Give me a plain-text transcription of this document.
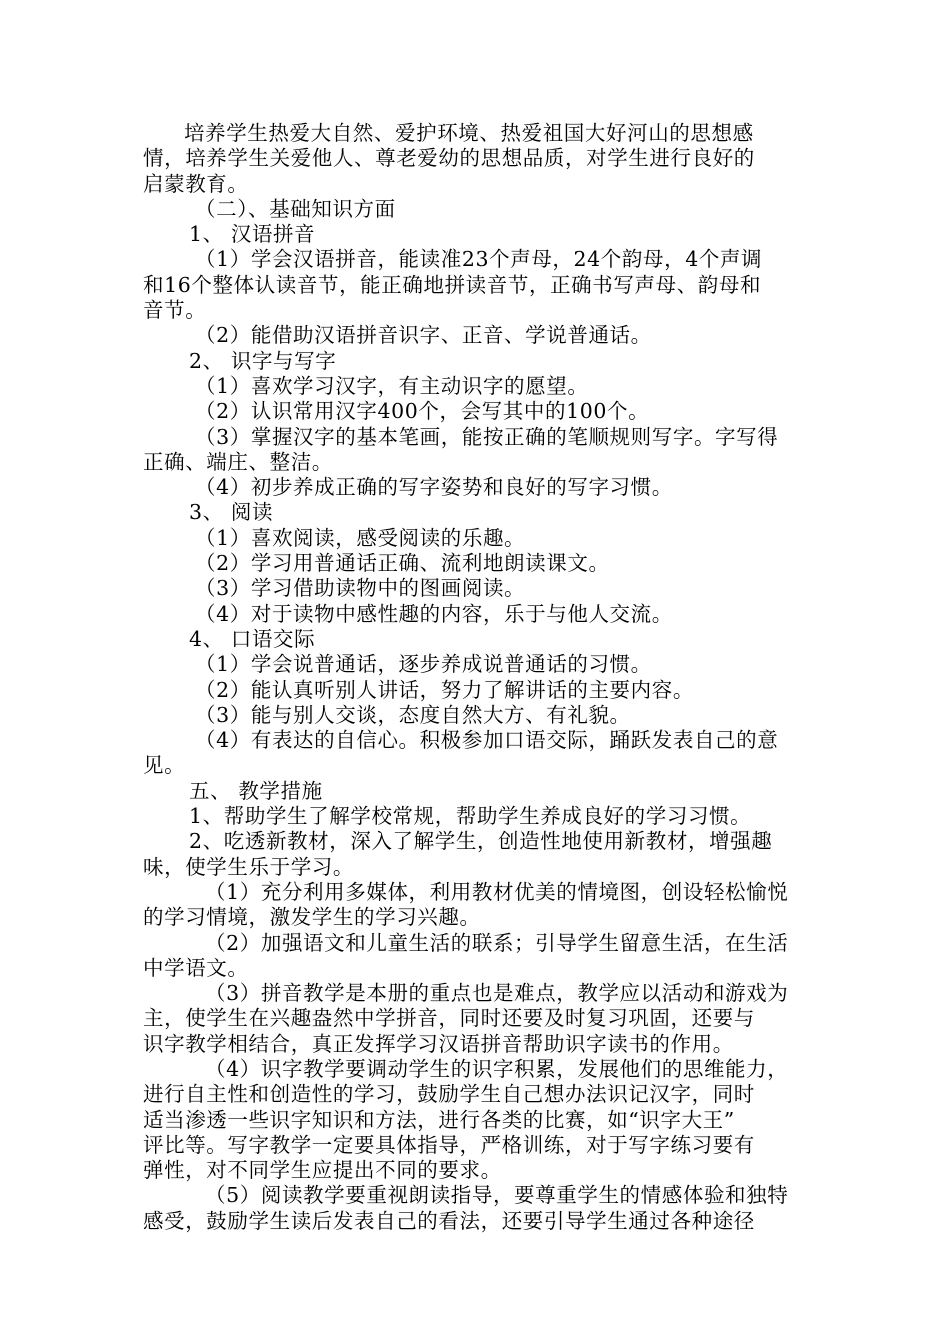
培养学生热爱大自然、爱护环境、热爱祖国大好河山的思想感
情，培养学生关爱他人、尊老爱幼的思想品质，对学生进行良好的
启蒙教育。
（二）、基础知识方面
1、 汉语拼音
（1）学会汉语拼音，能读准23个声母，24个韵母，4个声调
和16个整体认读音节，能正确地拼读音节，正确书写声母、韵母和
音节。
（2）能借助汉语拼音识字、正音、学说普通话。
2、 识字与写字
（1）喜欢学习汉字，有主动识字的愿望。
（2）认识常用汉字400个，会写其中的100个。
（3）掌握汉字的基本笔画，能按正确的笔顺规则写字。字写得
正确、端庄、整洁。
（4）初步养成正确的写字姿势和良好的写字习惯。
3、 阅读
（1）喜欢阅读，感受阅读的乐趣。
（2）学习用普通话正确、流利地朗读课文。
（3）学习借助读物中的图画阅读。
（4）对于读物中感性趣的内容，乐于与他人交流。
4、 口语交际
（1）学会说普通话，逐步养成说普通话的习惯。
（2）能认真听别人讲话，努力了解讲话的主要内容。
（3）能与别人交谈，态度自然大方、有礼貌。
（4）有表达的自信心。积极参加口语交际，踊跃发表自己的意
见。
五、 教学措施
1、帮助学生了解学校常规，帮助学生养成良好的学习习惯。
2、吃透新教材，深入了解学生，创造性地使用新教材，增强趣
味，使学生乐于学习。
（1）充分利用多媒体，利用教材优美的情境图，创设轻松愉悦
的学习情境，激发学生的学习兴趣。
（2）加强语文和儿童生活的联系；引导学生留意生活，在生活
中学语文。
（3）拼音教学是本册的重点也是难点，教学应以活动和游戏为
主，使学生在兴趣盎然中学拼音，同时还要及时复习巩固，还要与
识字教学相结合，真正发挥学习汉语拼音帮助识字读书的作用。
（4）识字教学要调动学生的识字积累，发展他们的思维能力，
进行自主性和创造性的学习，鼓励学生自己想办法识记汉字，同时
适当渗透一些识字知识和方法，进行各类的比赛，如“识字大王”
评比等。写字教学一定要具体指导，严格训练，对于写字练习要有
弹性，对不同学生应提出不同的要求。
（5）阅读教学要重视朗读指导，要尊重学生的情感体验和独特
感受，鼓励学生读后发表自己的看法，还要引导学生通过各种途径
